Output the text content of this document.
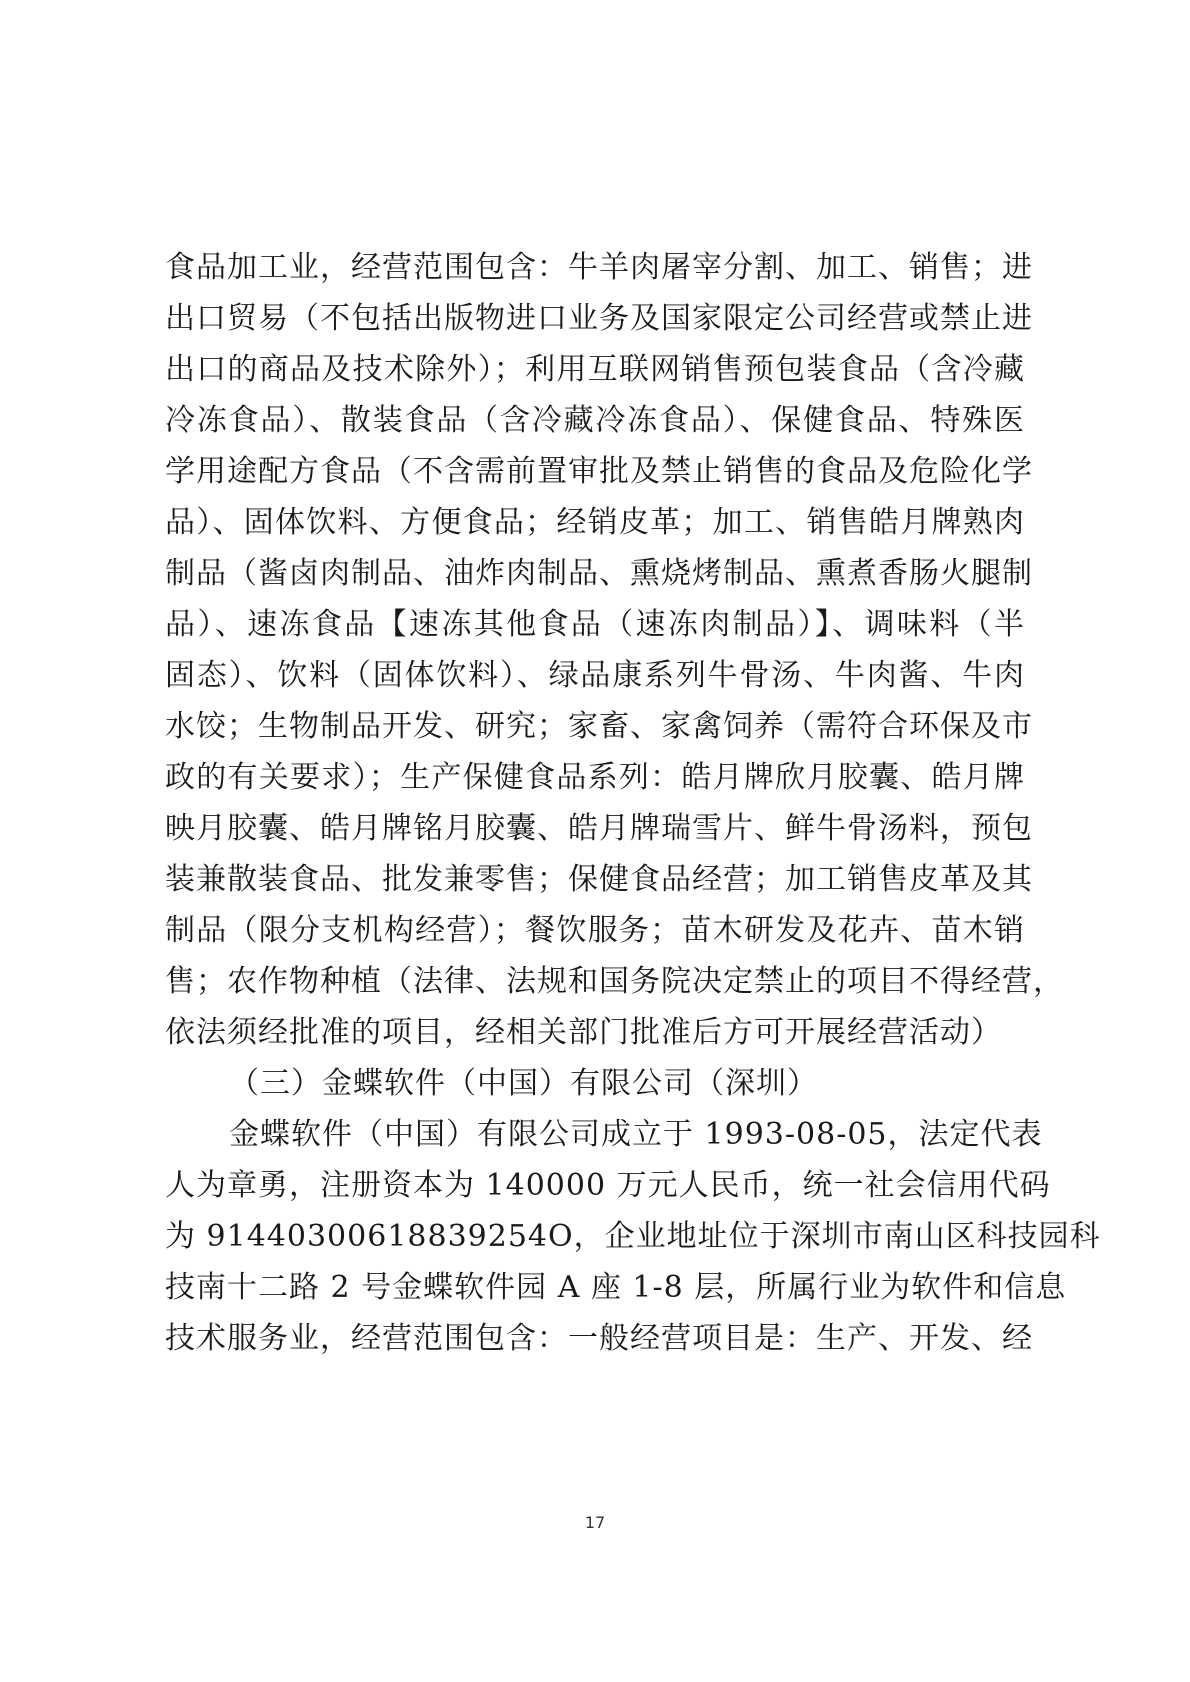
食品加工业，经营范围包含：牛羊肉屠宰分割、加工、销售；进
出口贸易（不包括出版物进口业务及国家限定公司经营或禁止进
出口的商品及技术除外）；利用互联网销售预包装食品（含冷藏
冷冻食品）、散装食品（含冷藏冷冻食品）、保健食品、特殊医
学用途配方食品（不含需前置审批及禁止销售的食品及危险化学
品）、固体饮料、方便食品；经销皮革；加工、销售皓月牌熟肉
制品（酱卤肉制品、油炸肉制品、熏烧烤制品、熏煮香肠火腿制
品）、速冻食品【速冻其他食品（速冻肉制品）】、调味料（半
固态）、饮料（固体饮料）、绿品康系列牛骨汤、牛肉酱、牛肉
水饺；生物制品开发、研究；家畜、家禽饲养（需符合环保及市
政的有关要求）；生产保健食品系列：皓月牌欣月胶囊、皓月牌
映月胶囊、皓月牌铭月胶囊、皓月牌瑞雪片、鲜牛骨汤料，预包
装兼散装食品、批发兼零售；保健食品经营；加工销售皮革及其
制品（限分支机构经营）；餐饮服务；苗木研发及花卉、苗木销
售；农作物种植（法律、法规和国务院决定禁止的项目不得经营，
依法须经批准的项目，经相关部门批准后方可开展经营活动）
（三）金蝶软件（中国）有限公司（深圳）
金蝶软件（中国）有限公司成立于 1993-08-05，法定代表
人为章勇，注册资本为 140000 万元人民币，统一社会信用代码
为 91440300618839254O，企业地址位于深圳市南山区科技园科
技南十二路 2 号金蝶软件园 A 座 1-8 层，所属行业为软件和信息
技术服务业，经营范围包含：一般经营项目是：生产、开发、经
17
